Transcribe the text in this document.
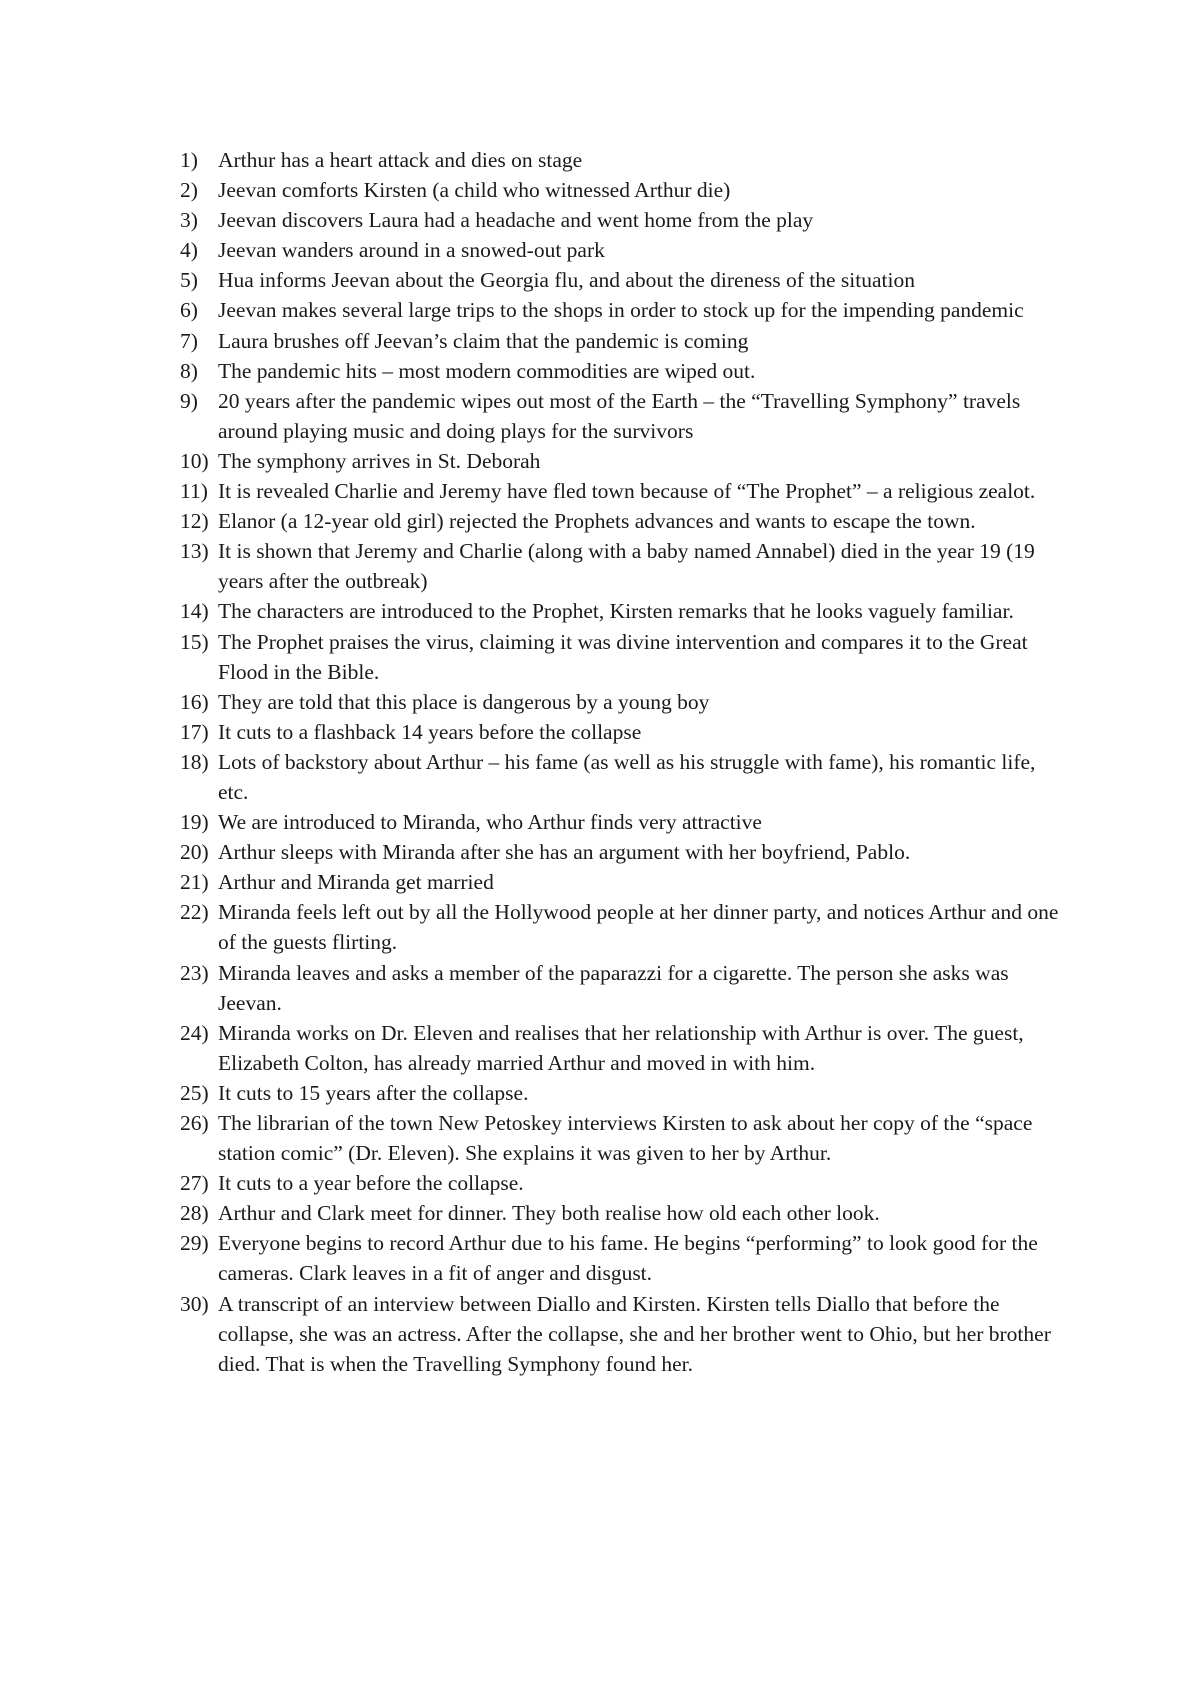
1) Arthur has a heart attack and dies on stage
2) Jeevan comforts Kirsten (a child who witnessed Arthur die)
3) Jeevan discovers Laura had a headache and went home from the play
4) Jeevan wanders around in a snowed-out park
5) Hua informs Jeevan about the Georgia flu, and about the direness of the situation
6) Jeevan makes several large trips to the shops in order to stock up for the impending pandemic
7) Laura brushes off Jeevan’s claim that the pandemic is coming
8) The pandemic hits – most modern commodities are wiped out.
9) 20 years after the pandemic wipes out most of the Earth – the “Travelling Symphony” travels around playing music and doing plays for the survivors
10) The symphony arrives in St. Deborah
11) It is revealed Charlie and Jeremy have fled town because of “The Prophet” – a religious zealot.
12) Elanor (a 12-year old girl) rejected the Prophets advances and wants to escape the town.
13) It is shown that Jeremy and Charlie (along with a baby named Annabel) died in the year 19 (19 years after the outbreak)
14) The characters are introduced to the Prophet, Kirsten remarks that he looks vaguely familiar.
15) The Prophet praises the virus, claiming it was divine intervention and compares it to the Great Flood in the Bible.
16) They are told that this place is dangerous by a young boy
17) It cuts to a flashback 14 years before the collapse
18) Lots of backstory about Arthur – his fame (as well as his struggle with fame), his romantic life, etc.
19) We are introduced to Miranda, who Arthur finds very attractive
20) Arthur sleeps with Miranda after she has an argument with her boyfriend, Pablo.
21) Arthur and Miranda get married
22) Miranda feels left out by all the Hollywood people at her dinner party, and notices Arthur and one of the guests flirting.
23) Miranda leaves and asks a member of the paparazzi for a cigarette. The person she asks was Jeevan.
24) Miranda works on Dr. Eleven and realises that her relationship with Arthur is over. The guest, Elizabeth Colton, has already married Arthur and moved in with him.
25) It cuts to 15 years after the collapse.
26) The librarian of the town New Petoskey interviews Kirsten to ask about her copy of the “space station comic” (Dr. Eleven). She explains it was given to her by Arthur.
27) It cuts to a year before the collapse.
28) Arthur and Clark meet for dinner. They both realise how old each other look.
29) Everyone begins to record Arthur due to his fame. He begins “performing” to look good for the cameras. Clark leaves in a fit of anger and disgust.
30) A transcript of an interview between Diallo and Kirsten. Kirsten tells Diallo that before the collapse, she was an actress. After the collapse, she and her brother went to Ohio, but her brother died. That is when the Travelling Symphony found her.
